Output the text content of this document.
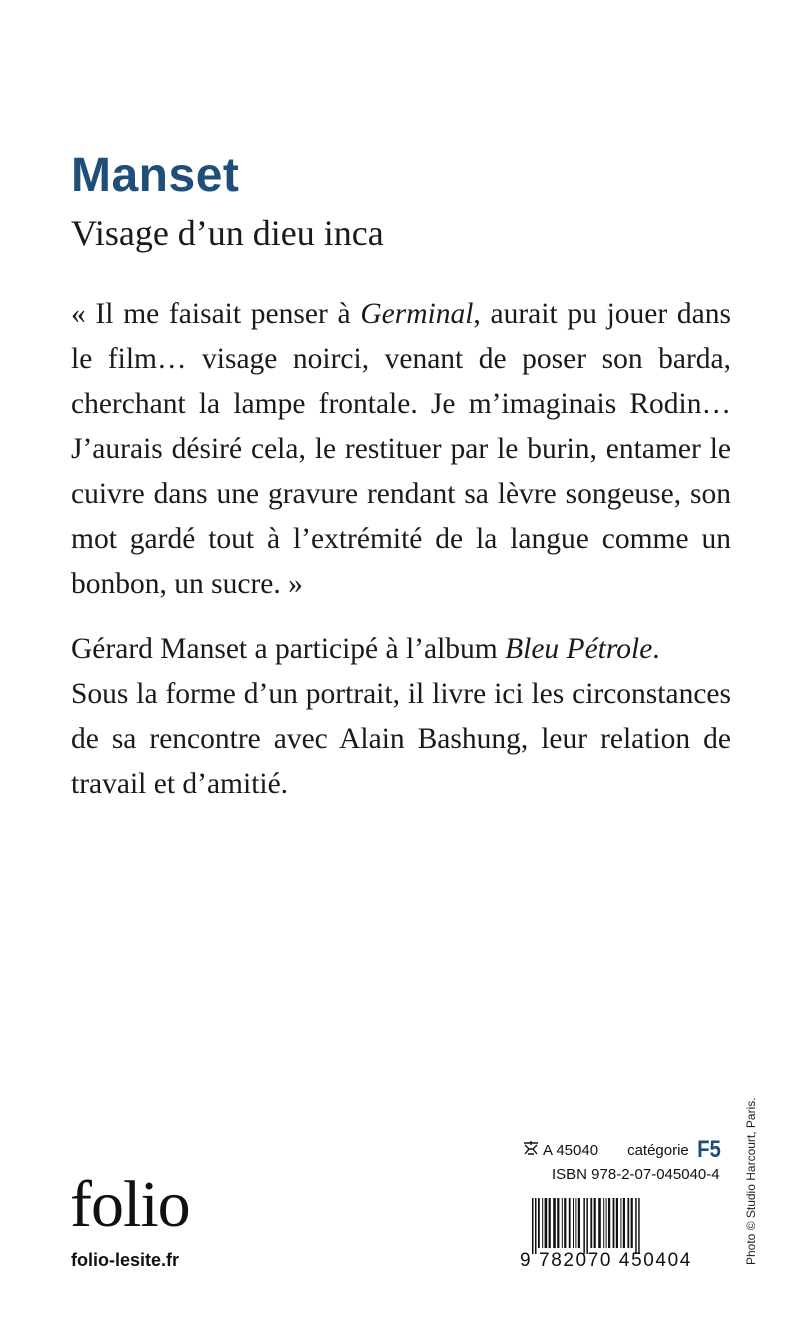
Manset
Visage d’un dieu inca

« Il me faisait penser à Germinal, aurait pu jouer dans
le film… visage noirci, venant de poser son barda,
cherchant la lampe frontale. Je m’imaginais Rodin…
J’aurais désiré cela, le restituer par le burin, entamer le
cuivre dans une gravure rendant sa lèvre songeuse, son
mot gardé tout à l’extrémité de la langue comme un
bonbon, un sucre. »

Gérard Manset a participé à l’album Bleu Pétrole.
Sous la forme d’un portrait, il livre ici les circonstances
de sa rencontre avec Alain Bashung, leur relation de
travail et d’amitié.

folio
folio-lesite.fr
A 45040 catégorie F5
ISBN 978-2-07-045040-4
9 782070 450404	Photo © Studio Harcourt, Paris.
